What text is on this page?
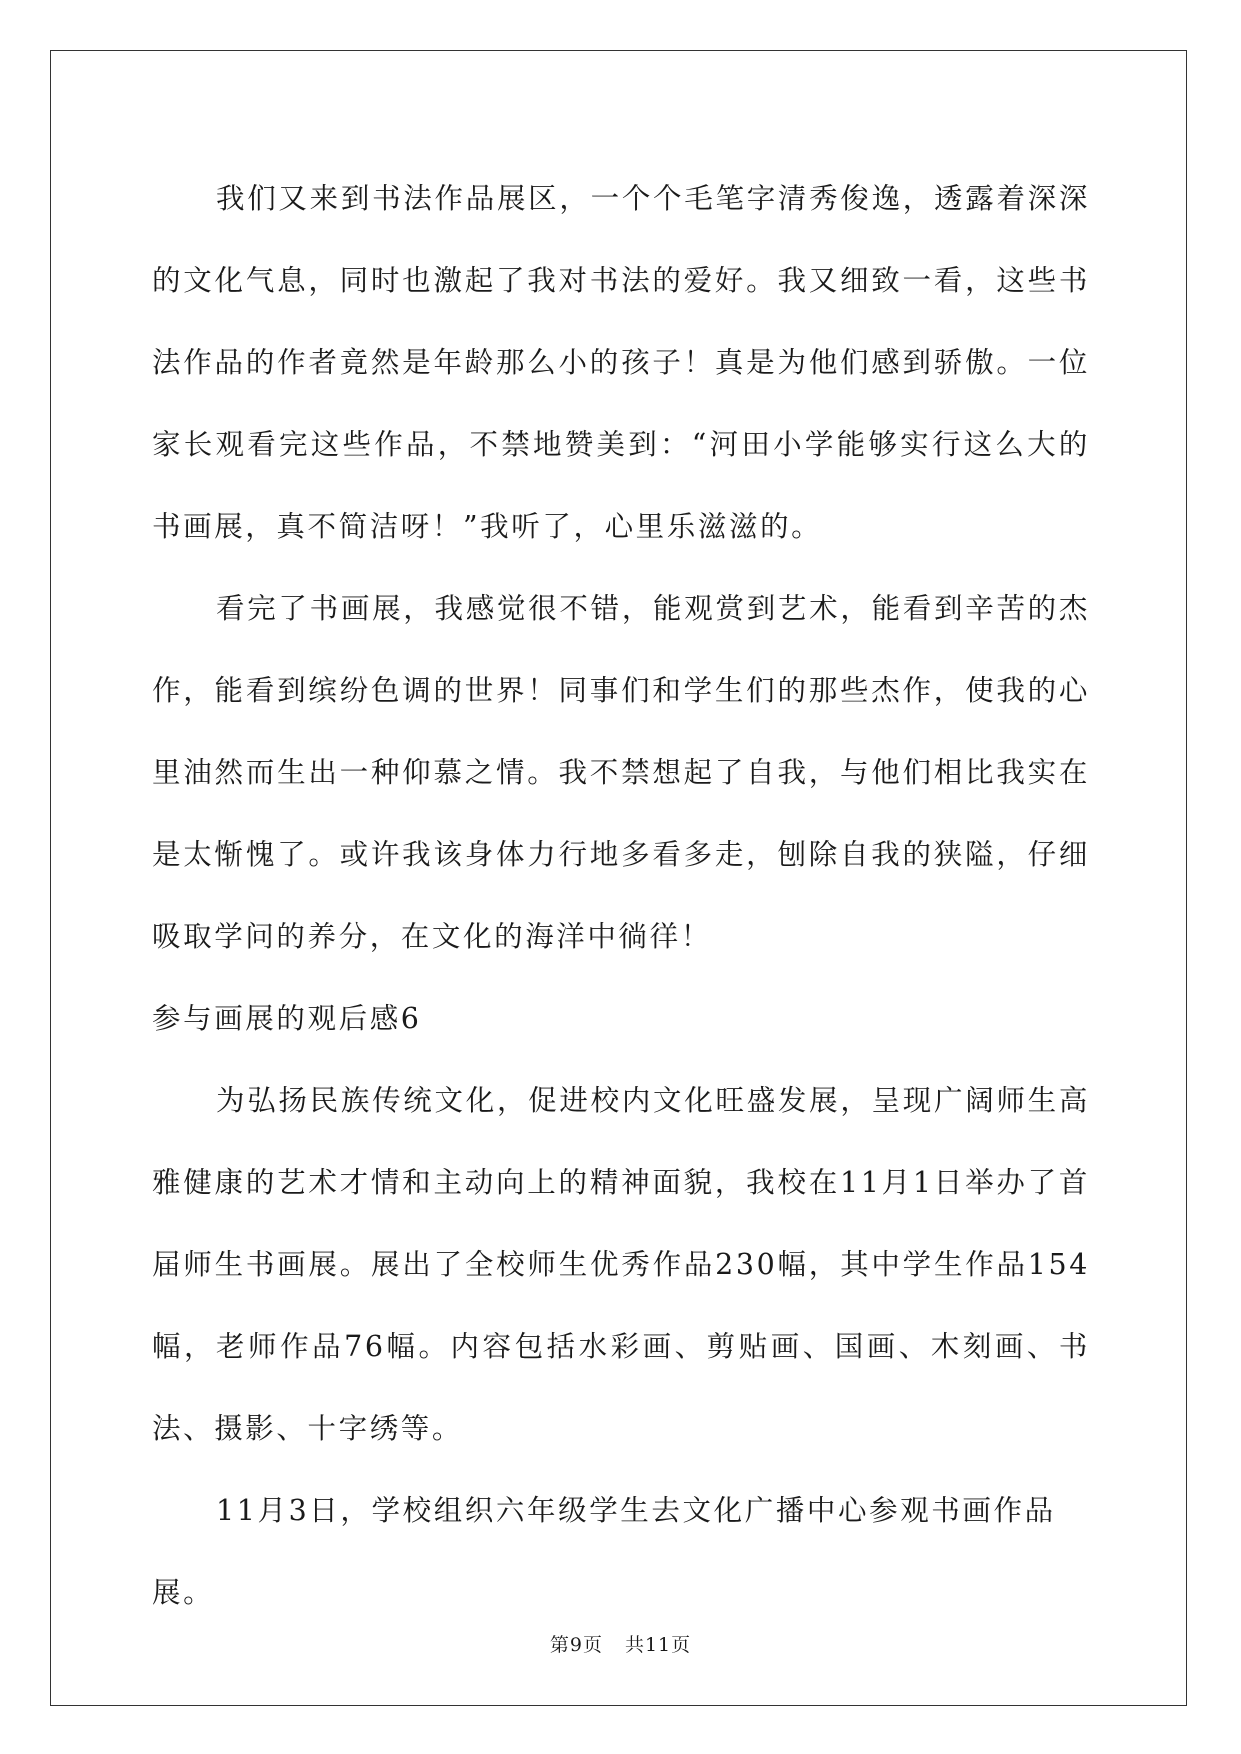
我们又来到书法作品展区，一个个毛笔字清秀俊逸，透露着深深的文化气息，同时也激起了我对书法的爱好。我又细致一看，这些书法作品的作者竟然是年龄那么小的孩子！真是为他们感到骄傲。一位家长观看完这些作品，不禁地赞美到：“河田小学能够实行这么大的书画展，真不简洁呀！”我听了，心里乐滋滋的。

看完了书画展，我感觉很不错，能观赏到艺术，能看到辛苦的杰作，能看到缤纷色调的世界！同事们和学生们的那些杰作，使我的心里油然而生出一种仰慕之情。我不禁想起了自我，与他们相比我实在是太惭愧了。或许我该身体力行地多看多走，刨除自我的狭隘，仔细吸取学问的养分，在文化的海洋中徜徉！

参与画展的观后感6

为弘扬民族传统文化，促进校内文化旺盛发展，呈现广阔师生高雅健康的艺术才情和主动向上的精神面貌，我校在11月1日举办了首届师生书画展。展出了全校师生优秀作品230幅，其中学生作品154幅，老师作品76幅。内容包括水彩画、剪贴画、国画、木刻画、书法、摄影、十字绣等。

11月3日，学校组织六年级学生去文化广播中心参观书画作品展。

第9页 共11页
